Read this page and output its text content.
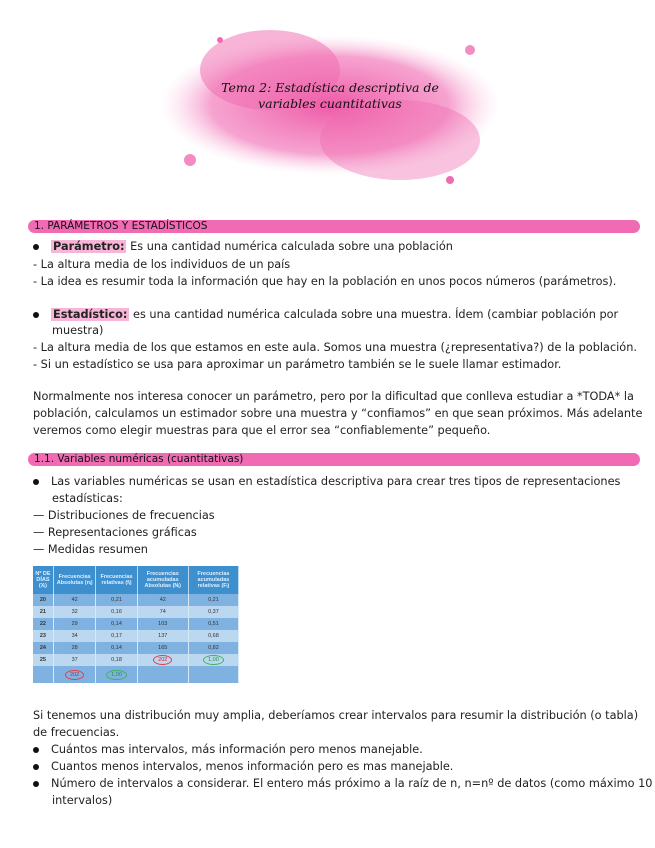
Tema 2: Estadística descriptiva de
variables cuantitativas
1. PARÁMETROS Y ESTADÍSTICOS
Parámetro: Es una cantidad numérica calculada sobre una población
- La altura media de los individuos de un país
- La idea es resumir toda la información que hay en la población en unos pocos números (parámetros).
Estadístico: es una cantidad numérica calculada sobre una muestra. Ídem (cambiar población por
muestra)
- La altura media de los que estamos en este aula. Somos una muestra (¿representativa?) de la población.
- Si un estadístico se usa para aproximar un parámetro también se le suele llamar estimador.
Normalmente nos interesa conocer un parámetro, pero por la dificultad que conlleva estudiar a *TODA* la
población, calculamos un estimador sobre una muestra y “confiamos” en que sean próximos. Más adelante
veremos como elegir muestras para que el error sea “confiablemente” pequeño.
1.1. Variables numéricas (cuantitativas)
Las variables numéricas se usan en estadística descriptiva para crear tres tipos de representaciones
estadísticas:
— Distribuciones de frecuencias
— Representaciones gráficas
— Medidas resumen
Nº DE DÍAS (Xᵢ)	Frecuencias Absolutas (nᵢ)	Frecuencias relativas (fᵢ)	Frecuencias acumuladas Absolutas (Nᵢ)	Frecuencias acumuladas relativas (Fᵢ)
20	42	0,21	42	0,21
21	32	0,16	74	0,37
22	29	0,14	103	0,51
23	34	0,17	137	0,68
24	28	0,14	165	0,82
25	37	0,18	202	1,00
	202	1,00		
Si tenemos una distribución muy amplia, deberíamos crear intervalos para resumir la distribución (o tabla)
de frecuencias.
Cuántos mas intervalos, más información pero menos manejable.
Cuantos menos intervalos, menos información pero es mas manejable.
Número de intervalos a considerar. El entero más próximo a la raíz de n, n=nº de datos (como máximo 10
intervalos)
